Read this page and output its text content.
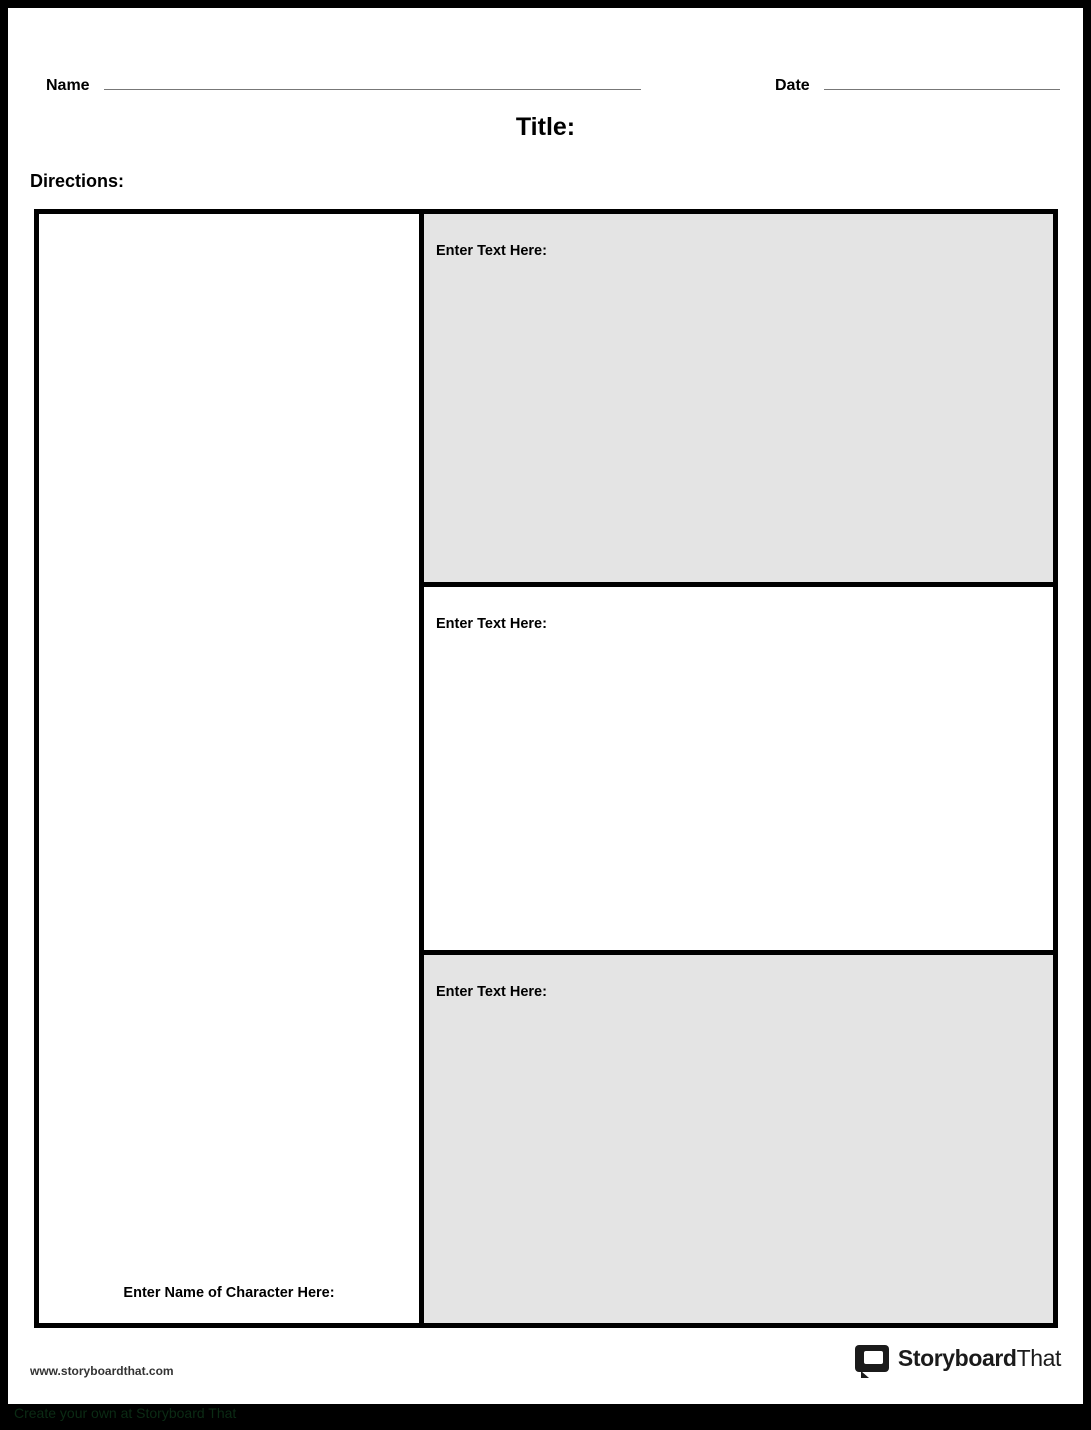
Name	Date
Title:
Directions:
Enter Name of Character Here:
Enter Text Here:
Enter Text Here:
Enter Text Here:
www.storyboardthat.com	StoryboardThat
Create your own at Storyboard That
